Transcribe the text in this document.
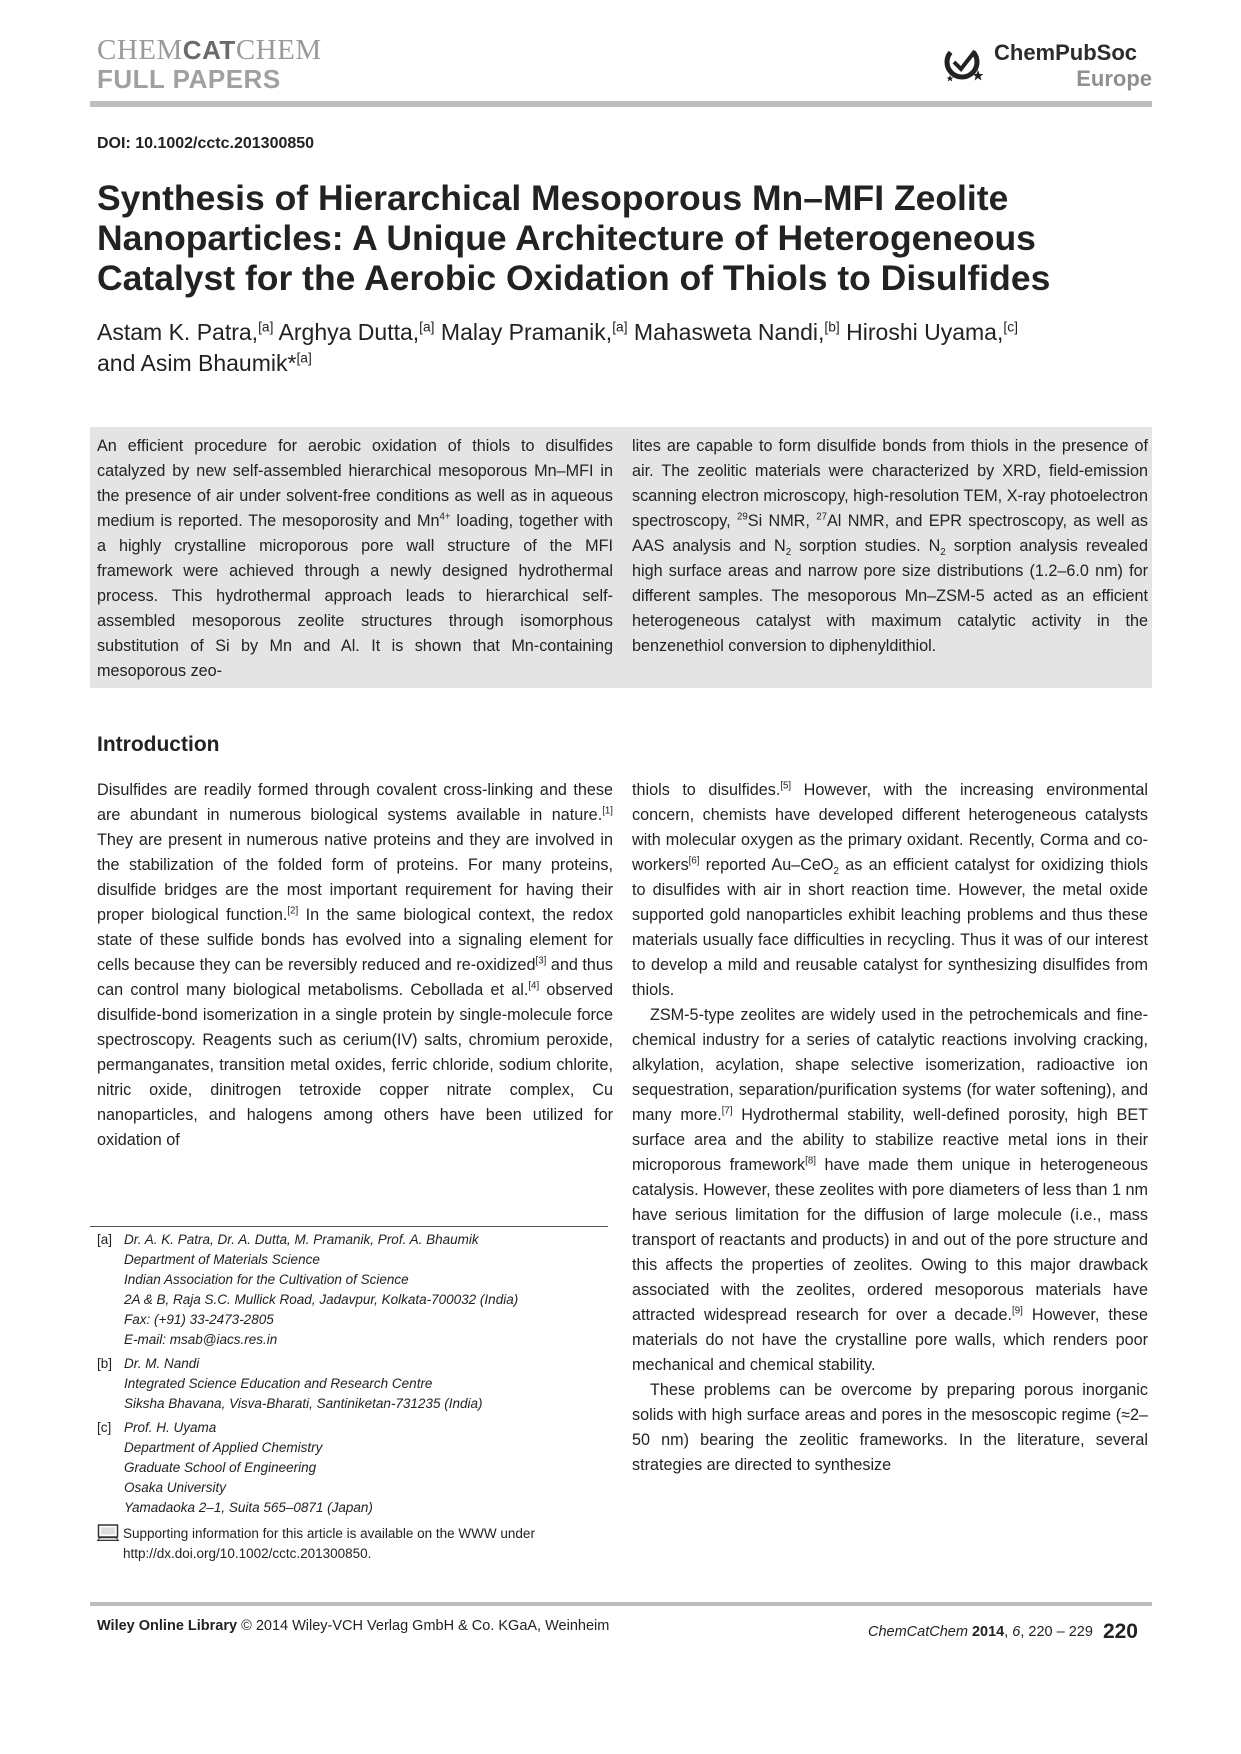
CHEMCATCHEM
FULL PAPERS
ChemPubSoc
Europe
DOI: 10.1002/cctc.201300850
Synthesis of Hierarchical Mesoporous Mn–MFI Zeolite Nanoparticles: A Unique Architecture of Heterogeneous Catalyst for the Aerobic Oxidation of Thiols to Disulfides
Astam K. Patra,[a] Arghya Dutta,[a] Malay Pramanik,[a] Mahasweta Nandi,[b] Hiroshi Uyama,[c]
and Asim Bhaumik*[a]
An efficient procedure for aerobic oxidation of thiols to disulfides catalyzed by new self-assembled hierarchical mesoporous Mn–MFI in the presence of air under solvent-free conditions as well as in aqueous medium is reported. The mesoporosity and $Mn^{4+}$ loading, together with a highly crystalline microporous pore wall structure of the MFI framework were achieved through a newly designed hydrothermal process. This hydrothermal approach leads to hierarchical self-assembled mesoporous zeolite structures through isomorphous substitution of Si by Mn and Al. It is shown that Mn-containing mesoporous zeo-
lites are capable to form disulfide bonds from thiols in the presence of air. The zeolitic materials were characterized by XRD, field-emission scanning electron microscopy, high-resolution TEM, X-ray photoelectron spectroscopy, $^{29}$Si NMR, $^{27}$Al NMR, and EPR spectroscopy, as well as AAS analysis and $N_2$ sorption studies. $N_2$ sorption analysis revealed high surface areas and narrow pore size distributions (1.2–6.0 nm) for different samples. The mesoporous Mn–ZSM-5 acted as an efficient heterogeneous catalyst with maximum catalytic activity in the benzenethiol conversion to diphenyldithiol.
Introduction

Disulfides are readily formed through covalent cross-linking and these are abundant in numerous biological systems available in nature.[1] They are present in numerous native proteins and they are involved in the stabilization of the folded form of proteins. For many proteins, disulfide bridges are the most important requirement for having their proper biological function.[2] In the same biological context, the redox state of these sulfide bonds has evolved into a signaling element for cells because they can be reversibly reduced and re-oxidized[3] and thus can control many biological metabolisms. Cebollada et al.[4] observed disulfide-bond isomerization in a single protein by single-molecule force spectroscopy. Reagents such as cerium(IV) salts, chromium peroxide, permanganates, transition metal oxides, ferric chloride, sodium chlorite, nitric oxide, dinitrogen tetroxide copper nitrate complex, Cu nanoparticles, and halogens among others have been utilized for oxidation of

thiols to disulfides.[5] However, with the increasing environmental concern, chemists have developed different heterogeneous catalysts with molecular oxygen as the primary oxidant. Recently, Corma and co-workers[6] reported Au–CeO$_2$ as an efficient catalyst for oxidizing thiols to disulfides with air in short reaction time. However, the metal oxide supported gold nanoparticles exhibit leaching problems and thus these materials usually face difficulties in recycling. Thus it was of our interest to develop a mild and reusable catalyst for synthesizing disulfides from thiols.

ZSM-5-type zeolites are widely used in the petrochemicals and fine-chemical industry for a series of catalytic reactions involving cracking, alkylation, acylation, shape selective isomerization, radioactive ion sequestration, separation/purification systems (for water softening), and many more.[7] Hydrothermal stability, well-defined porosity, high BET surface area and the ability to stabilize reactive metal ions in their microporous framework[8] have made them unique in heterogeneous catalysis. However, these zeolites with pore diameters of less than 1 nm have serious limitation for the diffusion of large molecule (i.e., mass transport of reactants and products) in and out of the pore structure and this affects the properties of zeolites. Owing to this major drawback associated with the zeolites, ordered mesoporous materials have attracted widespread research for over a decade.[9] However, these materials do not have the crystalline pore walls, which renders poor mechanical and chemical stability.

These problems can be overcome by preparing porous inorganic solids with high surface areas and pores in the mesoscopic regime (≈2–50 nm) bearing the zeolitic frameworks. In the literature, several strategies are directed to synthesize

[a] Dr. A. K. Patra, Dr. A. Dutta, M. Pramanik, Prof. A. Bhaumik
Department of Materials Science
Indian Association for the Cultivation of Science
2A & B, Raja S.C. Mullick Road, Jadavpur, Kolkata-700032 (India)
Fax: (+91) 33-2473-2805
E-mail: msab@iacs.res.in
[b] Dr. M. Nandi
Integrated Science Education and Research Centre
Siksha Bhavana, Visva-Bharati, Santiniketan-731235 (India)
[c] Prof. H. Uyama
Department of Applied Chemistry
Graduate School of Engineering
Osaka University
Yamadaoka 2–1, Suita 565–0871 (Japan)
Supporting information for this article is available on the WWW under http://dx.doi.org/10.1002/cctc.201300850.
Wiley Online Library © 2014 Wiley-VCH Verlag GmbH & Co. KGaA, Weinheim	ChemCatChem 2014, 6, 220 – 229 220
